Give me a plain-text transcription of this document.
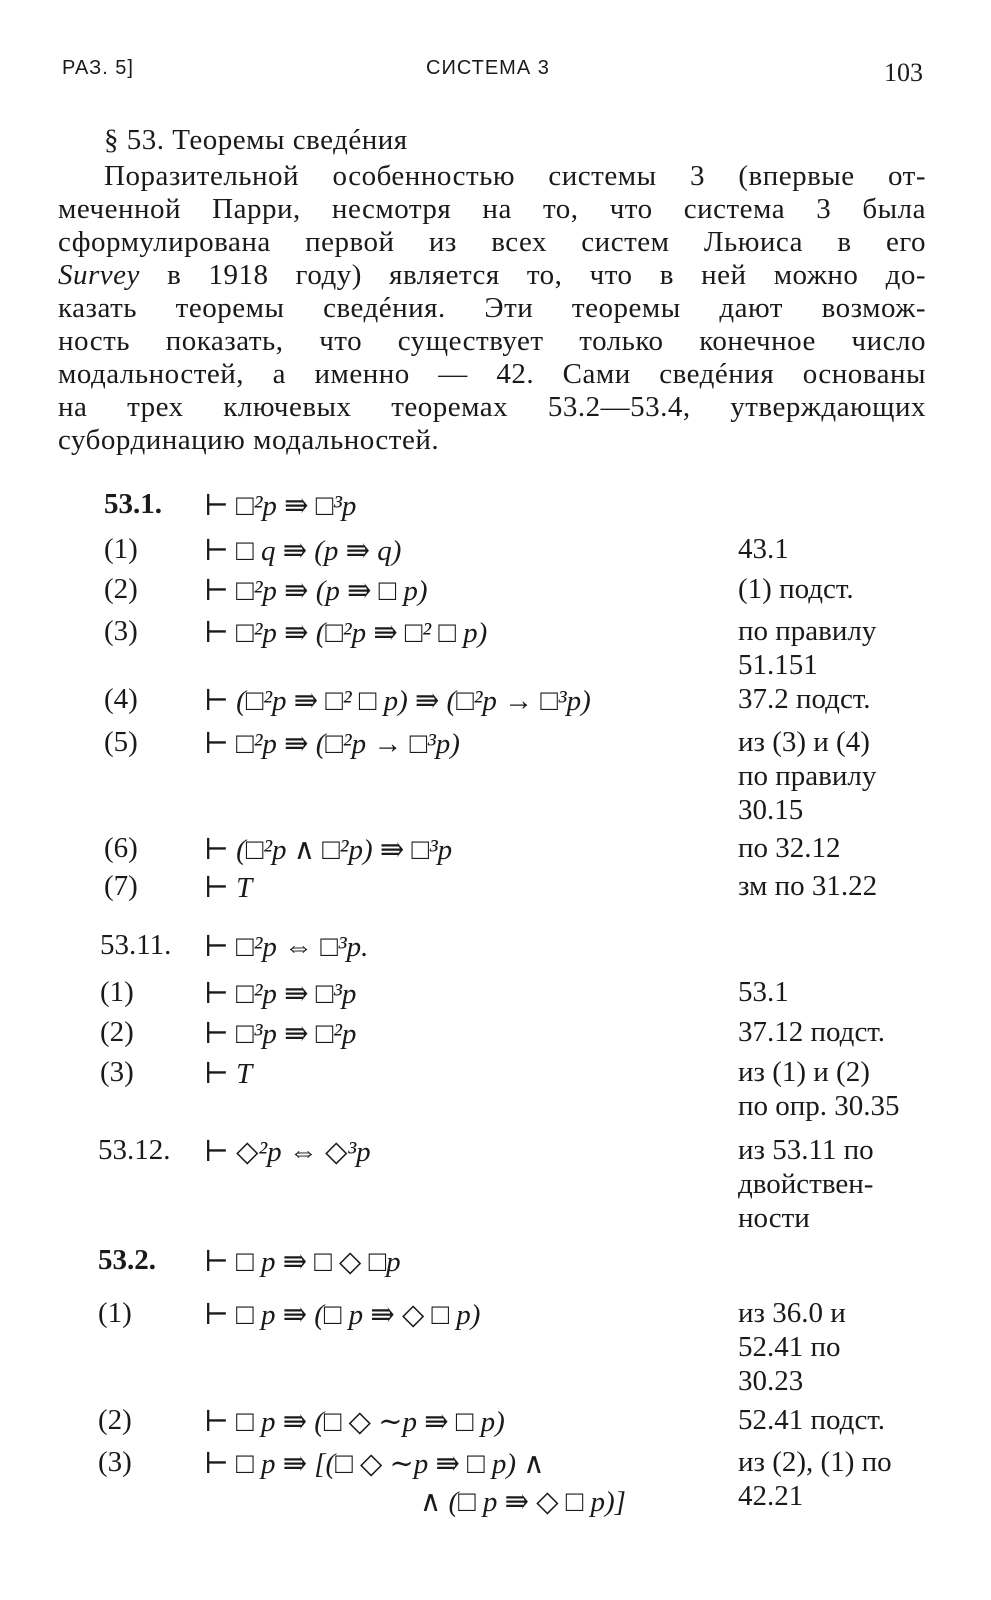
РАЗ. 5]	СИСТЕМА 3	103
§ 53. Теоремы сведéния
Поразительной особенностью системы 3 (впервые от-
меченной Парри, несмотря на то, что система 3 была
сформулирована первой из всех систем Льюиса в его
Survey в 1918 году) является то, что в ней можно до-
казать теоремы сведéния. Эти теоремы дают возмож-
ность показать, что существует только конечное число
модальностей, а именно — 42. Сами сведéния основаны
на трех ключевых теоремах 53.2—53.4, утверждающих
субординацию модальностей.
53.1. ⊢ □²p ⇛ □³p
(1) ⊢ □ q ⇛ (p ⇛ q)	43.1
(2) ⊢ □²p ⇛ (p ⇛ □ p)	(1) подст.
(3) ⊢ □²p ⇛ (□²p ⇛ □² □ p)	по правилу
51.151
(4) ⊢ (□²p ⇛ □² □ p) ⇛ (□²p → □³p)	37.2 подст.
(5) ⊢ □²p ⇛ (□²p → □³p)	из (3) и (4)
по правилу
30.15
(6) ⊢ (□²p ∧ □²p) ⇛ □³p	по 32.12
(7) ⊢ T	зм по 31.22
53.11. ⊢ □²p ⇔ □³p.
(1) ⊢ □²p ⇛ □³p	53.1
(2) ⊢ □³p ⇛ □²p	37.12 подст.
(3) ⊢ T	из (1) и (2)
по опр. 30.35
53.12. ⊢ ◇²p ⇔ ◇³p	из 53.11 по
двойствен-
ности
53.2. ⊢ □ p ⇛ □ ◇ □p
(1) ⊢ □ p ⇛ (□ p ⇛ ◇ □ p)	из 36.0 и
52.41 по
30.23
(2) ⊢ □ p ⇛ (□ ◇ ∼p ⇛ □ p)	52.41 подст.
(3) ⊢ □ p ⇛ [(□ ◇ ∼p ⇛ □ p) ∧
∧ (□ p ⇛ ◇ □ p)]
из (2), (1) по
42.21
